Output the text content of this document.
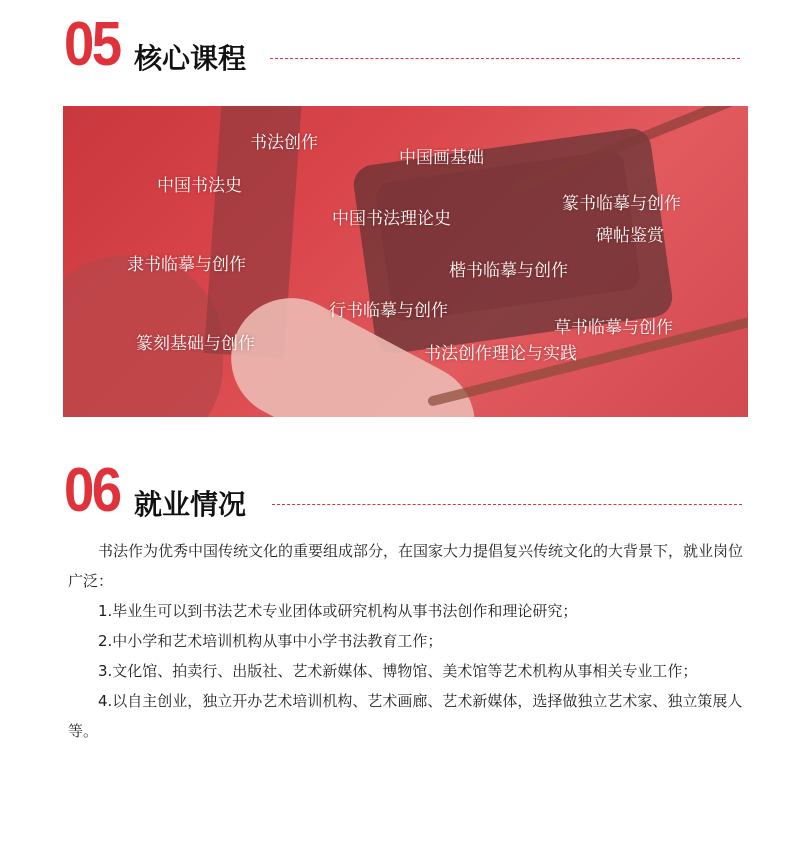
05 核心课程
书法创作
中国画基础
中国书法史
中国书法理论史
篆书临摹与创作
碑帖鉴赏
隶书临摹与创作	楷书临摹与创作
行书临摹与创作
草书临摹与创作
篆刻基础与创作	书法创作理论与实践
06 就业情况

书法作为优秀中国传统文化的重要组成部分，在国家大力提倡复兴传统文化的大背景下，就业岗位广泛：

1.毕业生可以到书法艺术专业团体或研究机构从事书法创作和理论研究；

2.中小学和艺术培训机构从事中小学书法教育工作；

3.文化馆、拍卖行、出版社、艺术新媒体、博物馆、美术馆等艺术机构从事相关专业工作；

4.以自主创业，独立开办艺术培训机构、艺术画廊、艺术新媒体，选择做独立艺术家、独立策展人等。
